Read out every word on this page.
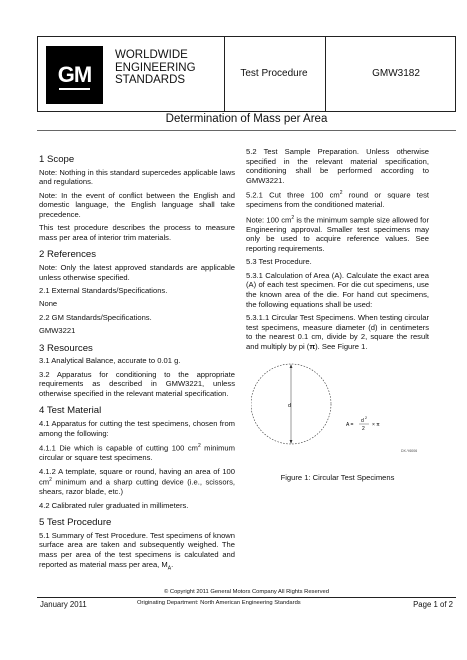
GM
WORLDWIDE
ENGINEERING
STANDARDS
Test Procedure	GMW3182
Determination of Mass per Area
1 Scope

Note: Nothing in this standard supercedes applicable laws and regulations.

Note: In the event of conflict between the English and domestic language, the English language shall take precedence.

This test procedure describes the process to measure mass per area of interior trim materials.

2 References

Note: Only the latest approved standards are applicable unless otherwise specified.

2.1 External Standards/Specifications.

None

2.2 GM Standards/Specifications.

GMW3221

3 Resources

3.1 Analytical Balance, accurate to 0.01 g.

3.2 Apparatus for conditioning to the appropriate requirements as described in GMW3221, unless otherwise specified in the relevant material specification.

4 Test Material

4.1 Apparatus for cutting the test specimens, chosen from among the following:

4.1.1 Die which is capable of cutting 100 $cm^2$ minimum circular or square test specimens.

4.1.2 A template, square or round, having an area of 100 $cm^2$ minimum and a sharp cutting device (i.e., scissors, shears, razor blade, etc.)

4.2 Calibrated ruler graduated in millimeters.

5 Test Procedure

5.1 Summary of Test Procedure. Test specimens of known surface area are taken and subsequently weighed. The mass per area of the test specimens is calculated and reported as material mass per area, $M_A$.

5.2 Test Sample Preparation. Unless otherwise specified in the relevant material specification, conditioning shall be performed according to GMW3221.

5.2.1 Cut three 100 $cm^2$ round or square test specimens from the conditioned material.

Note: 100 $cm^2$ is the minimum sample size allowed for Engineering approval. Smaller test specimens may only be used to acquire reference values. See reporting requirements.

5.3 Test Procedure.

5.3.1 Calculation of Area (A). Calculate the exact area (A) of each test specimen. For die cut specimens, use the known area of the die. For hand cut specimens, the following equations shall be used:

5.3.1.1 Circular Test Specimens. When testing circular test specimens, measure diameter (d) in centimeters to the nearest 0.1 cm, divide by 2, square the result and multiply by pi (π). See Figure 1.

d
A =
d 2
2
× π
DX-Y6006
Figure 1: Circular Test Specimens
© Copyright 2011 General Motors Company All Rights Reserved
January 2011	Originating Department: North American Engineering Standards	Page 1 of 2
